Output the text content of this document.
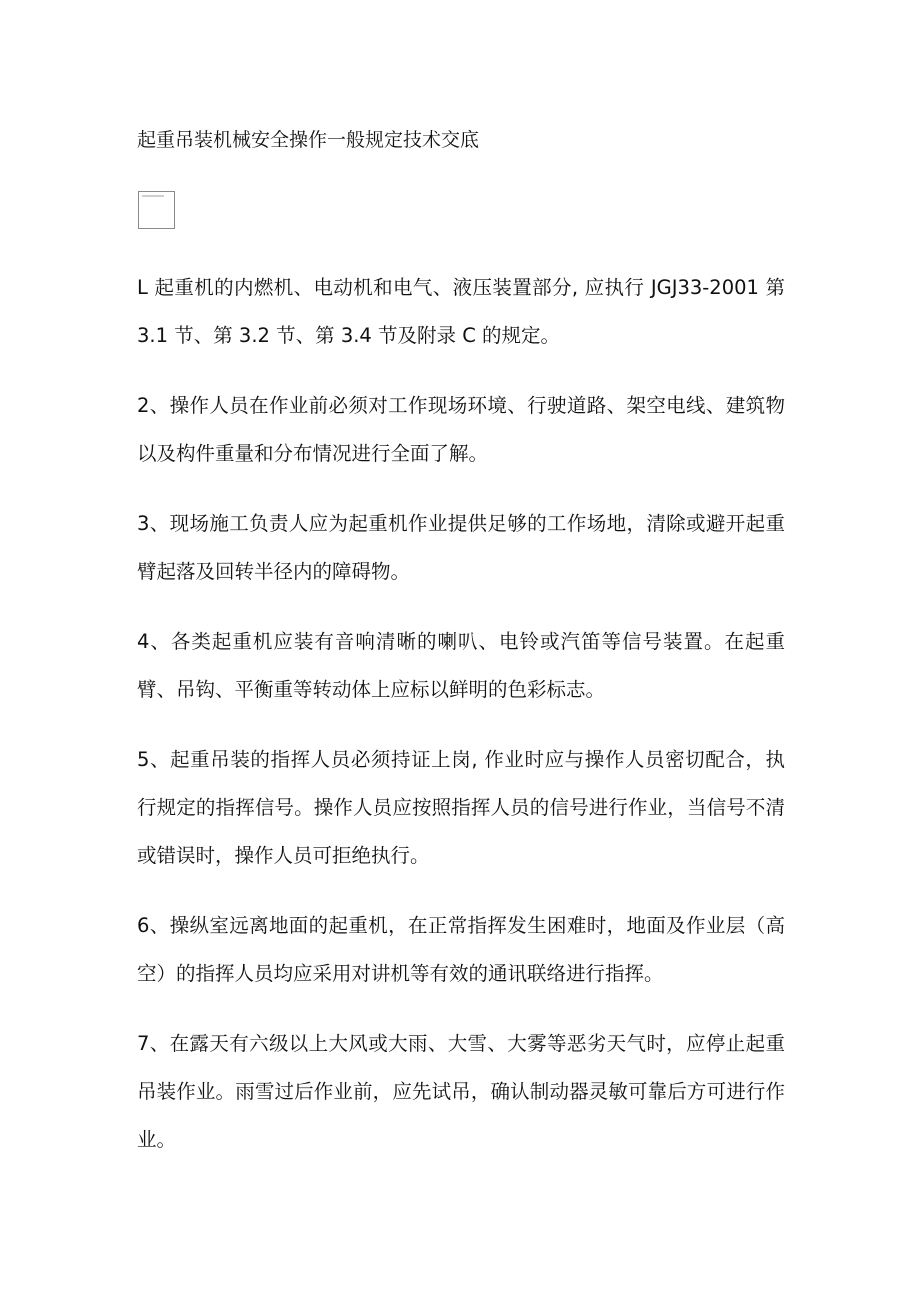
起重吊装机械安全操作一般规定技术交底

L 起重机的内燃机、电动机和电气、液压装置部分, 应执行 JGJ33-2001 第 3.1 节、第 3.2 节、第 3.4 节及附录 C 的规定。

2、操作人员在作业前必须对工作现场环境、行驶道路、架空电线、建筑物以及构件重量和分布情况进行全面了解。

3、现场施工负责人应为起重机作业提供足够的工作场地，清除或避开起重臂起落及回转半径内的障碍物。

4、各类起重机应装有音响清晰的喇叭、电铃或汽笛等信号装置。在起重臂、吊钩、平衡重等转动体上应标以鲜明的色彩标志。

5、起重吊装的指挥人员必须持证上岗, 作业时应与操作人员密切配合，执行规定的指挥信号。操作人员应按照指挥人员的信号进行作业，当信号不清或错误时，操作人员可拒绝执行。

6、操纵室远离地面的起重机，在正常指挥发生困难时，地面及作业层（高空）的指挥人员均应采用对讲机等有效的通讯联络进行指挥。

7、在露天有六级以上大风或大雨、大雪、大雾等恶劣天气时，应停止起重吊装作业。雨雪过后作业前，应先试吊，确认制动器灵敏可靠后方可进行作业。
